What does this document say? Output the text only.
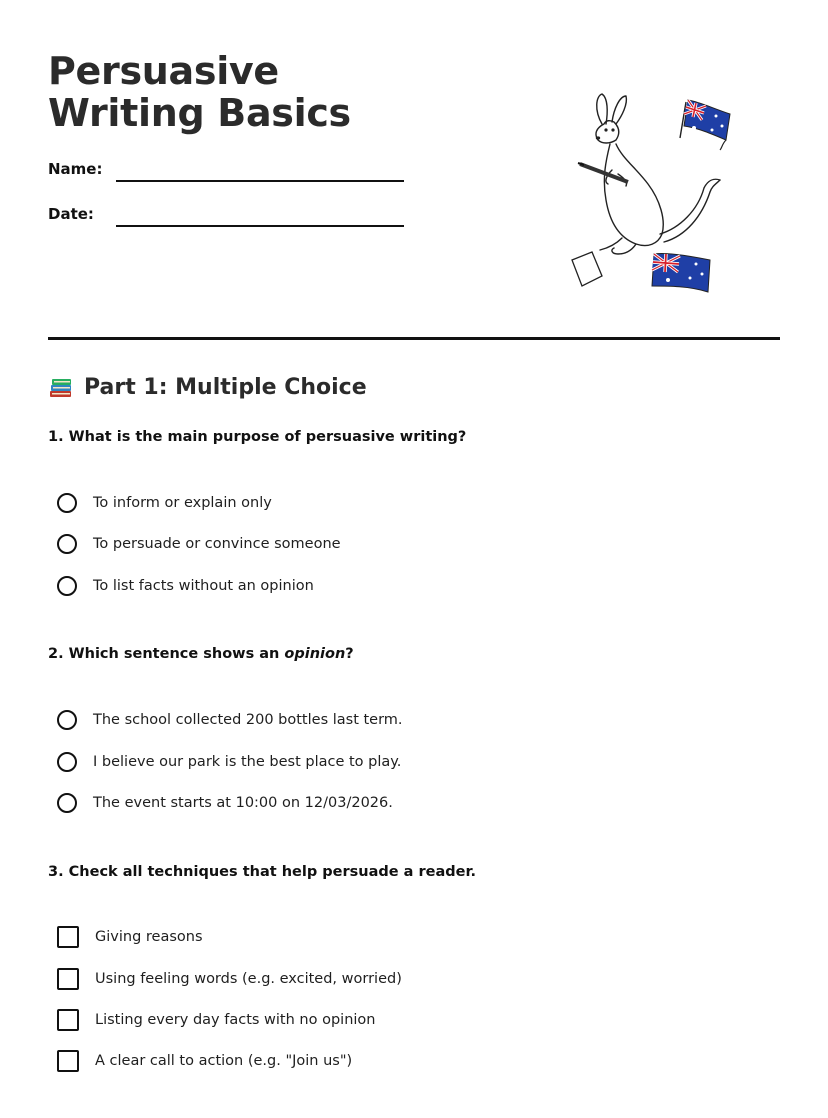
Persuasive Writing Basics
Name:
Date:
Part 1: Multiple Choice

1. What is the main purpose of persuasive writing?

To inform or explain only
To persuade or convince someone
To list facts without an opinion

2. Which sentence shows an opinion?

The school collected 200 bottles last term.
I believe our park is the best place to play.
The event starts at 10:00 on 12/03/2026.

3. Check all techniques that help persuade a reader.

Giving reasons
Using feeling words (e.g. excited, worried)
Listing every day facts with no opinion
A clear call to action (e.g. "Join us")
